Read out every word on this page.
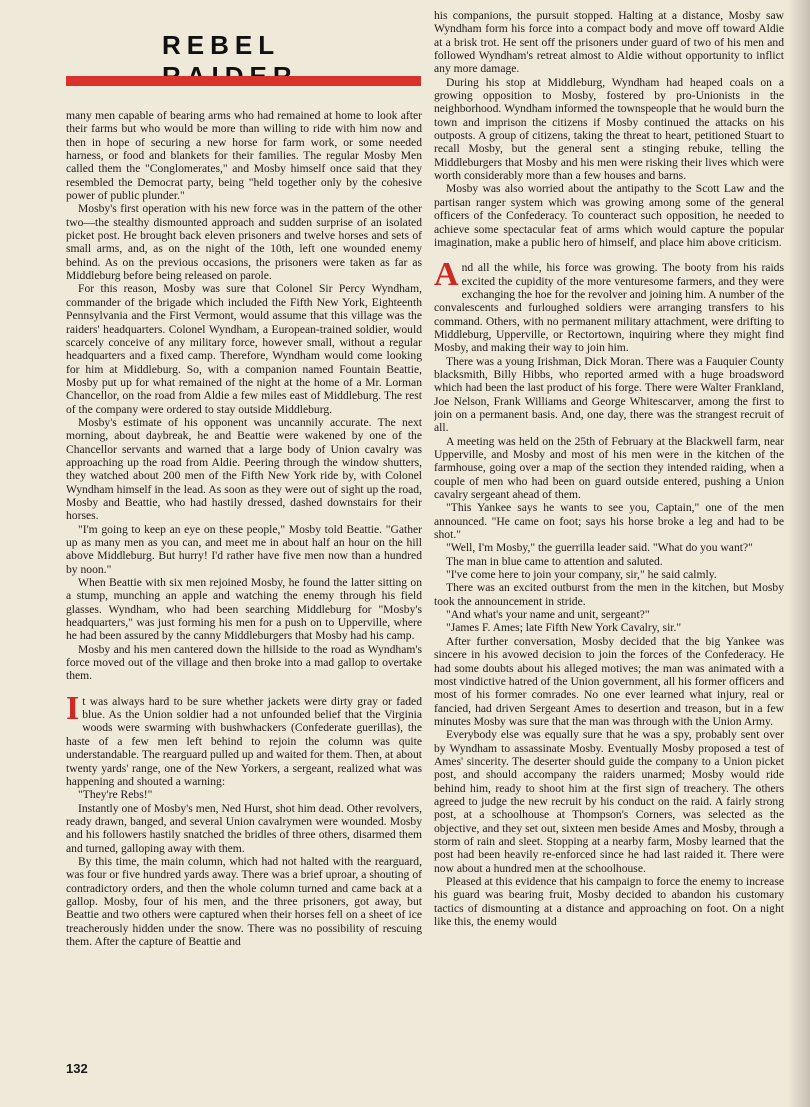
REBEL

many men capable of bearing arms who had remained at home to look after their farms but who would be more than willing to ride with him now and then in hope of securing a new horse for farm work, or some needed harness, or food and blankets for their families. The regular Mosby Men called them the "Conglomerates," and Mosby himself once said that they resembled the Democrat party, being "held together only by the cohesive power of public plunder."

Mosby's first operation with his new force was in the pattern of the other two—the stealthy dismounted approach and sudden surprise of an isolated picket post. He brought back eleven prisoners and twelve horses and sets of small arms, and, as on the night of the 10th, left one wounded enemy behind. As on the previous occasions, the prisoners were taken as far as Middleburg before being released on parole.

For this reason, Mosby was sure that Colonel Sir Percy Wyndham, commander of the brigade which included the Fifth New York, Eighteenth Pennsylvania and the First Vermont, would assume that this village was the raiders' headquarters. Colonel Wyndham, a European-trained soldier, would scarcely conceive of any military force, however small, without a regular headquarters and a fixed camp. Therefore, Wyndham would come looking for him at Middleburg. So, with a companion named Fountain Beattie, Mosby put up for what remained of the night at the home of a Mr. Lorman Chancellor, on the road from Aldie a few miles east of Middleburg. The rest of the company were ordered to stay outside Middleburg.

Mosby's estimate of his opponent was uncannily accurate. The next morning, about daybreak, he and Beattie were wakened by one of the Chancellor servants and warned that a large body of Union cavalry was approaching up the road from Aldie. Peering through the window shutters, they watched about 200 men of the Fifth New York ride by, with Colonel Wyndham himself in the lead. As soon as they were out of sight up the road, Mosby and Beattie, who had hastily dressed, dashed downstairs for their horses.

"I'm going to keep an eye on these people," Mosby told Beattie. "Gather up as many men as you can, and meet me in about half an hour on the hill above Middleburg. But hurry! I'd rather have five men now than a hundred by noon."

When Beattie with six men rejoined Mosby, he found the latter sitting on a stump, munching an apple and watching the enemy through his field glasses. Wyndham, who had been searching Middleburg for "Mosby's headquarters," was just forming his men for a push on to Upperville, where he had been assured by the canny Middleburgers that Mosby had his camp.

Mosby and his men cantered down the hillside to the road as Wyndham's force moved out of the village and then broke into a mad gallop to overtake them.

It was always hard to be sure whether jackets were dirty gray or faded blue. As the Union soldier had a not unfounded belief that the Virginia woods were swarming with bushwhackers (Confederate guerillas), the haste of a few men left behind to rejoin the column was quite understandable. The rearguard pulled up and waited for them. Then, at about twenty yards' range, one of the New Yorkers, a sergeant, realized what was happening and shouted a warning:

"They're Rebs!"

Instantly one of Mosby's men, Ned Hurst, shot him dead. Other revolvers, ready drawn, banged, and several Union cavalrymen were wounded. Mosby and his followers hastily snatched the bridles of three others, disarmed them and turned, galloping away with them.

By this time, the main column, which had not halted with the rearguard, was four or five hundred yards away. There was a brief uproar, a shouting of contradictory orders, and then the whole column turned and came back at a gallop. Mosby, four of his men, and the three prisoners, got away, but Beattie and two others were captured when their horses fell on a sheet of ice treacherously hidden under the snow. There was no possibility of rescuing them. After the capture of Beattie and

his companions, the pursuit stopped. Halting at a distance, Mosby saw Wyndham form his force into a compact body and move off toward Aldie at a brisk trot. He sent off the prisoners under guard of two of his men and followed Wyndham's retreat almost to Aldie without opportunity to inflict any more damage.

During his stop at Middleburg, Wyndham had heaped coals on a growing opposition to Mosby, fostered by pro-Unionists in the neighborhood. Wyndham informed the townspeople that he would burn the town and imprison the citizens if Mosby continued the attacks on his outposts. A group of citizens, taking the threat to heart, petitioned Stuart to recall Mosby, but the general sent a stinging rebuke, telling the Middleburgers that Mosby and his men were risking their lives which were worth considerably more than a few houses and barns.

Mosby was also worried about the antipathy to the Scott Law and the partisan ranger system which was growing among some of the general officers of the Confederacy. To counteract such opposition, he needed to achieve some spectacular feat of arms which would capture the popular imagination, make a public hero of himself, and place him above criticism.

And all the while, his force was growing. The booty from his raids excited the cupidity of the more venturesome farmers, and they were exchanging the hoe for the revolver and joining him. A number of the convalescents and furloughed soldiers were arranging transfers to his command. Others, with no permanent military attachment, were drifting to Middleburg, Upperville, or Rectortown, inquiring where they might find Mosby, and making their way to join him.

There was a young Irishman, Dick Moran. There was a Fauquier County blacksmith, Billy Hibbs, who reported armed with a huge broadsword which had been the last product of his forge. There were Walter Frankland, Joe Nelson, Frank Williams and George Whitescarver, among the first to join on a permanent basis. And, one day, there was the strangest recruit of all.

A meeting was held on the 25th of February at the Blackwell farm, near Upperville, and Mosby and most of his men were in the kitchen of the farmhouse, going over a map of the section they intended raiding, when a couple of men who had been on guard outside entered, pushing a Union cavalry sergeant ahead of them.

"This Yankee says he wants to see you, Captain," one of the men announced. "He came on foot; says his horse broke a leg and had to be shot."

"Well, I'm Mosby," the guerrilla leader said. "What do you want?"

The man in blue came to attention and saluted.

"I've come here to join your company, sir," he said calmly.

There was an excited outburst from the men in the kitchen, but Mosby took the announcement in stride.

"And what's your name and unit, sergeant?"

"James F. Ames; late Fifth New York Cavalry, sir."

After further conversation, Mosby decided that the big Yankee was sincere in his avowed decision to join the forces of the Confederacy. He had some doubts about his alleged motives; the man was animated with a most vindictive hatred of the Union government, all his former officers and most of his former comrades. No one ever learned what injury, real or fancied, had driven Sergeant Ames to desertion and treason, but in a few minutes Mosby was sure that the man was through with the Union Army.

Everybody else was equally sure that he was a spy, probably sent over by Wyndham to assassinate Mosby. Eventually Mosby proposed a test of Ames' sincerity. The deserter should guide the company to a Union picket post, and should accompany the raiders unarmed; Mosby would ride behind him, ready to shoot him at the first sign of treachery. The others agreed to judge the new recruit by his conduct on the raid. A fairly strong post, at a schoolhouse at Thompson's Corners, was selected as the objective, and they set out, sixteen men beside Ames and Mosby, through a storm of rain and sleet. Stopping at a nearby farm, Mosby learned that the post had been heavily re-enforced since he had last raided it. There were now about a hundred men at the schoolhouse.

Pleased at this evidence that his campaign to force the enemy to increase his guard was bearing fruit, Mosby decided to abandon his customary tactics of dismounting at a distance and approaching on foot. On a night like this, the enemy would

132
